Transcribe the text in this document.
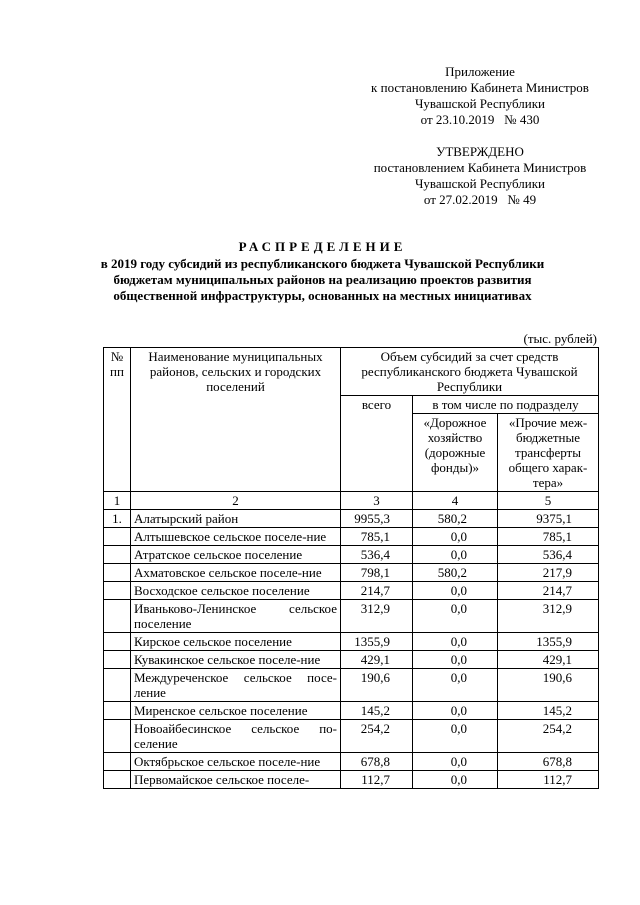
Приложение
к постановлению Кабинета Министров
Чувашской Республики
от 23.10.2019   № 430
УТВЕРЖДЕНО
постановлением Кабинета Министров
Чувашской Республики
от 27.02.2019   № 49
РАСПРЕДЕЛЕНИЕ
в 2019 году субсидий из республиканского бюджета Чувашской Республики
бюджетам муниципальных районов на реализацию проектов развития
общественной инфраструктуры, основанных на местных инициативах
(тыс. рублей)
№ пп	Наименование муниципальных районов, сельских и городских поселений	Объем субсидий за счет средств республиканского бюджета Чувашской Республики		
		всего	в том числе по подразделу	
			«Дорожное хозяйство (дорожные фонды)»	«Прочие меж-бюджетные трансферты общего харак-тера»
1	2	3	4	5
1.	Алатырский район	9955,3	580,2	9375,1
	Алтышевское сельское поселе-ние	785,1	0,0	785,1
	Атратское сельское поселение	536,4	0,0	536,4
	Ахматовское сельское поселе-ние	798,1	580,2	217,9
	Восходское сельское поселение	214,7	0,0	214,7
	Иваньково-Ленинское сельское поселение	312,9	0,0	312,9
	Кирское сельское поселение	1355,9	0,0	1355,9
	Кувакинское сельское поселе-ние	429,1	0,0	429,1
	Междуреченское сельское посе-ление	190,6	0,0	190,6
	Миренское сельское поселение	145,2	0,0	145,2
	Новоайбесинское сельское по-селение	254,2	0,0	254,2
	Октябрьское сельское поселе-ние	678,8	0,0	678,8
	Первомайское сельское поселе-	112,7	0,0	112,7
